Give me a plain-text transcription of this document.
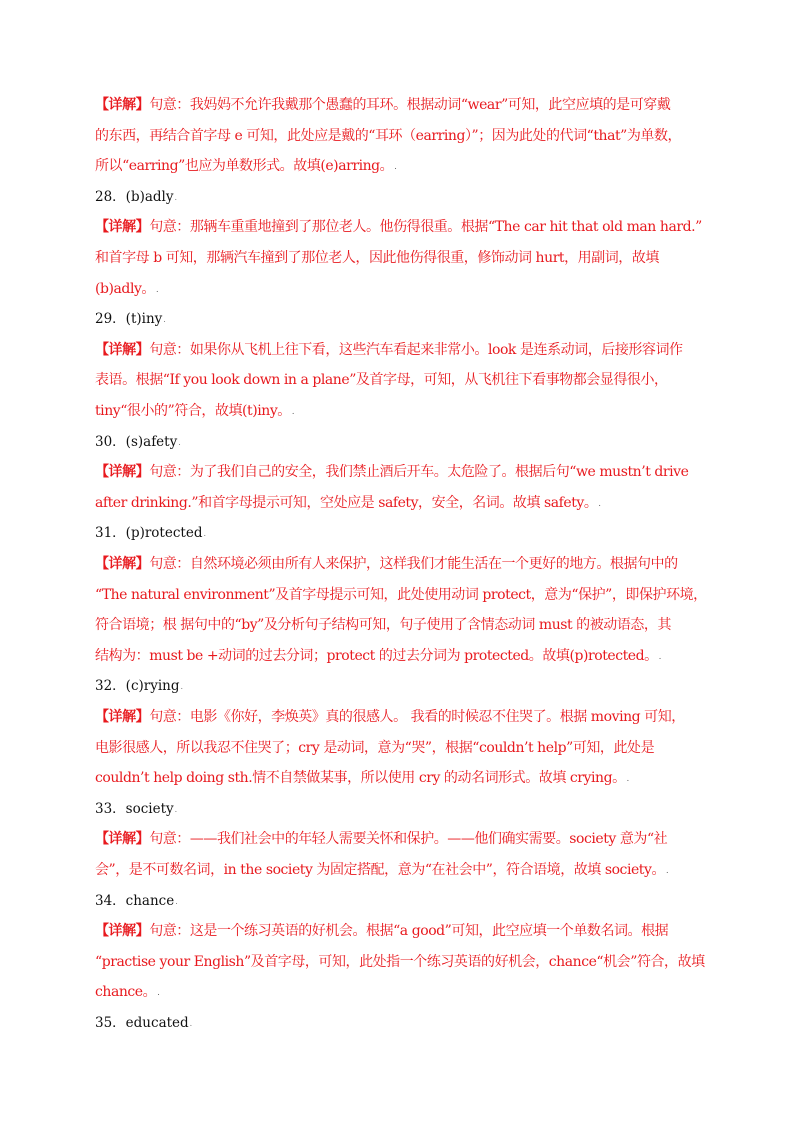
【详解】句意：我妈妈不允许我戴那个愚蠢的耳环。根据动词“wear”可知，此空应填的是可穿戴
的东西，再结合首字母 e 可知，此处应是戴的“耳环（earring）”；因为此处的代词“that”为单数，
所以“earring”也应为单数形式。故填(e)arring。.
28．(b)adly.
【详解】句意：那辆车重重地撞到了那位老人。他伤得很重。根据“The car hit that old man hard.”
和首字母 b 可知，那辆汽车撞到了那位老人，因此他伤得很重，修饰动词 hurt，用副词，故填
(b)adly。.
29．(t)iny.
【详解】句意：如果你从飞机上往下看，这些汽车看起来非常小。look 是连系动词，后接形容词作
表语。根据“If you look down in a plane”及首字母，可知，从飞机往下看事物都会显得很小，
tiny“很小的”符合，故填(t)iny。.
30．(s)afety.
【详解】句意：为了我们自己的安全，我们禁止酒后开车。太危险了。根据后句“we mustn’t drive
after drinking.”和首字母提示可知，空处应是 safety，安全，名词。故填 safety。.
31．(p)rotected.
【详解】句意：自然环境必须由所有人来保护，这样我们才能生活在一个更好的地方。根据句中的
“The natural environment”及首字母提示可知，此处使用动词 protect，意为“保护”，即保护环境，
符合语境；根 据句中的“by”及分析句子结构可知，句子使用了含情态动词 must 的被动语态，其
结构为：must be +动词的过去分词；protect 的过去分词为 protected。故填(p)rotected。.
32．(c)rying.
【详解】句意：电影《你好，李焕英》真的很感人。 我看的时候忍不住哭了。根据 moving 可知，
电影很感人，所以我忍不住哭了；cry 是动词，意为“哭”，根据“couldn’t help”可知，此处是
couldn’t help doing sth.情不自禁做某事，所以使用 cry 的动名词形式。故填 crying。.
33．society.
【详解】句意：——我们社会中的年轻人需要关怀和保护。——他们确实需要。society 意为“社
会”，是不可数名词，in the society 为固定搭配，意为“在社会中”，符合语境，故填 society。.
34．chance.
【详解】句意：这是一个练习英语的好机会。根据“a good”可知，此空应填一个单数名词。根据
“practise your English”及首字母，可知，此处指一个练习英语的好机会，chance“机会”符合，故填
chance。.
35．educated.
